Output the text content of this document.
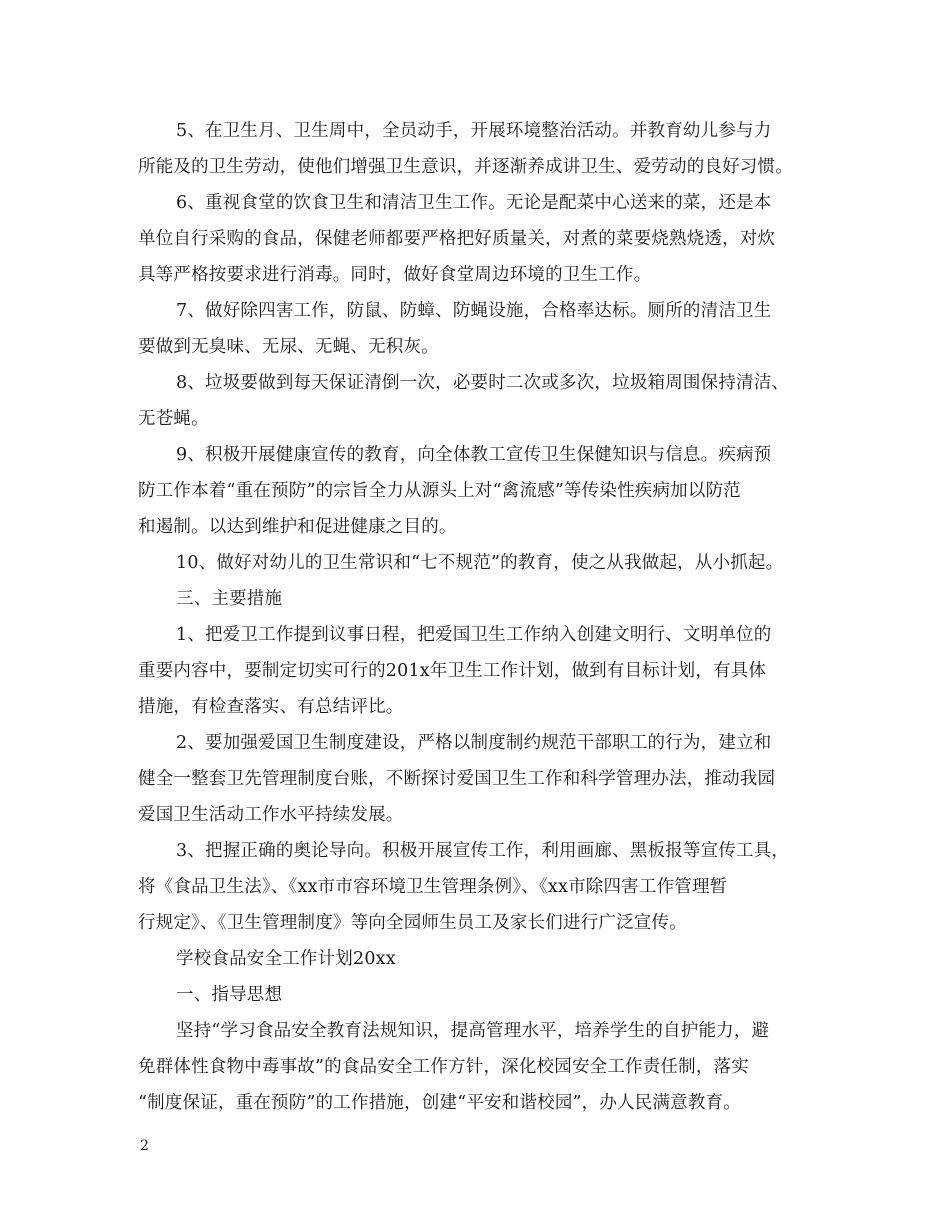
5、在卫生月、卫生周中，全员动手，开展环境整治活动。并教育幼儿参与力
所能及的卫生劳动，使他们增强卫生意识，并逐渐养成讲卫生、爱劳动的良好习惯。
6、重视食堂的饮食卫生和清洁卫生工作。无论是配菜中心送来的菜，还是本
单位自行采购的食品，保健老师都要严格把好质量关，对煮的菜要烧熟烧透，对炊
具等严格按要求进行消毒。同时，做好食堂周边环境的卫生工作。
7、做好除四害工作，防鼠、防蟑、防蝇设施，合格率达标。厕所的清洁卫生
要做到无臭味、无尿、无蝇、无积灰。
8、垃圾要做到每天保证清倒一次，必要时二次或多次，垃圾箱周围保持清洁、
无苍蝇。
9、积极开展健康宣传的教育，向全体教工宣传卫生保健知识与信息。疾病预
防工作本着“重在预防”的宗旨全力从源头上对“禽流感”等传染性疾病加以防范
和遏制。以达到维护和促进健康之目的。
10、做好对幼儿的卫生常识和“七不规范”的教育，使之从我做起，从小抓起。
三、主要措施
1、把爱卫工作提到议事日程，把爱国卫生工作纳入创建文明行、文明单位的
重要内容中，要制定切实可行的201x年卫生工作计划，做到有目标计划，有具体
措施，有检查落实、有总结评比。
2、要加强爱国卫生制度建设，严格以制度制约规范干部职工的行为，建立和
健全一整套卫先管理制度台账，不断探讨爱国卫生工作和科学管理办法，推动我园
爱国卫生活动工作水平持续发展。
3、把握正确的奥论导向。积极开展宣传工作，利用画廊、黑板报等宣传工具，
将《食品卫生法》、《xx市市容环境卫生管理条例》、《xx市除四害工作管理暂
行规定》、《卫生管理制度》等向全园师生员工及家长们进行广泛宣传。
学校食品安全工作计划20xx
一、指导思想
坚持“学习食品安全教育法规知识，提高管理水平，培养学生的自护能力，避
免群体性食物中毒事故”的食品安全工作方针，深化校园安全工作责任制，落实
“制度保证，重在预防”的工作措施，创建“平安和谐校园”，办人民满意教育。
2
